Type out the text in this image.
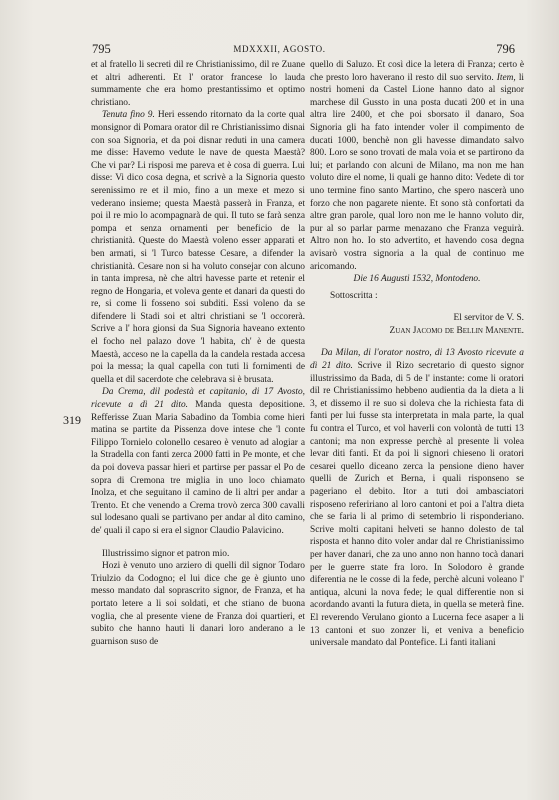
795	MDXXXII, AGOSTO.	796
319

et al fratello li secreti dil re Christianissimo, dil re Zuane et altri adherenti. Et l' orator francese lo lauda summamente che era homo prestantissimo et optimo christiano.

Tenuta fino 9. Heri essendo ritornato da la corte qual monsignor di Pomara orator dil re Christianissimo disnai con soa Signoria, et da poi disnar reduti in una camera me disse: Havemo vedute le nave de questa Maestà? Che vi par? Li risposi me pareva et è cosa di guerra. Lui disse: Vi dico cosa degna, et scrivè a la Signoria questo serenissimo re et il mio, fino a un mexe et mezo si vederano insieme; questa Maestà passerà in Franza, et poi il re mio lo acompagnarà de qui. Il tuto se farà senza pompa et senza ornamenti per beneficio de la christianità. Queste do Maestà voleno esser apparati et ben armati, si 'l Turco batesse Cesare, a difender la christianità. Cesare non si ha voluto consejar con alcuno in tanta impresa, nè che altri havesse parte et retenir el regno de Hongaria, et voleva gente et danari da questi do re, si come li fosseno soi subditi. Essi voleno da se difendere li Stadi soi et altri christiani se 'l occorerà. Scrive a l' hora gionsi da Sua Signoria haveano extento el focho nel palazo dove 'l habita, ch' è de questa Maestà, acceso ne la capella da la candela restada accesa poi la messa; la qual capella con tuti li fornimenti de quella et dil sacerdote che celebrava si è brusata.

Da Crema, dil podestà et capitanio, di 17 Avosto, ricevute a dì 21 dito. Manda questa depositione. Refferisse Zuan Maria Sabadino da Tombia come hieri matina se partite da Pissenza dove intese che 'l conte Filippo Tornielo colonello cesareo è venuto ad alogiar a la Stradella con fanti zerca 2000 fatti in Pe monte, et che da poi doveva passar hieri et partirse per passar el Po de sopra di Cremona tre miglia in uno loco chiamato Inolza, et che seguitano il camino de li altri per andar a Trento. Et che venendo a Crema trovò zerca 300 cavalli sul lodesano quali se partivano per andar al dito camino, de' quali il capo si era el signor Claudio Palavicino.

Illustrissimo signor et patron mio.

Hozi è venuto uno arziero di quelli dil signor Todaro Triulzio da Codogno; el lui dice che ge è giunto uno messo mandato dal soprascrito signor, de Franza, et ha portato letere a li soi soldati, et che stiano de buona voglia, che al presente viene de Franza doi quartieri, et subito che hanno hauti li danari loro anderano a le guarnison suso de

quello di Saluzo. Et così dice la letera di Franza; certo è che presto loro haverano il resto dil suo servito. Item, li nostri homeni da Castel Lione hanno dato al signor marchese dil Gussto in una posta ducati 200 et in una altra lire 2400, et che poi sborsato il danaro, Soa Signoria gli ha fato intender voler il compimento de ducati 1000, benchè non gli havesse dimandato salvo 800. Loro se sono trovati de mala voia et se partirono da lui; et parlando con alcuni de Milano, ma non me han voluto dire el nome, li quali ge hanno dito: Vedete di tor uno termine fino santo Martino, che spero nascerà uno forzo che non pagarete niente. Et sono stà confortati da altre gran parole, qual loro non me le hanno voluto dir, pur al so parlar parme menazano che Franza veguirà. Altro non ho. Io sto advertito, et havendo cosa degna avisarò vostra signoria a la qual de continuo me aricomando.

Die 16 Augusti 1532, Montodeno.

Sottoscritta :

El servitor de V. S.

Zuan Jacomo de Bellin Manente.

Da Milan, di l'orator nostro, di 13 Avosto ricevute a dì 21 dito. Scrive il Rizo secretario di questo signor illustrissimo da Bada, di 5 de l' instante: come li oratori dil re Christianissimo hebbeno audientia da la dieta a li 3, et dissemo il re suo si doleva che la richiesta fata di fanti per lui fusse sta interpretata in mala parte, la qual fu contra el Turco, et vol haverli con volontà de tutti 13 cantoni; ma non expresse perchè al presente li volea levar diti fanti. Et da poi li signori chieseno li oratori cesarei quello diceano zerca la pensione dieno haver quelli de Zurich et Berna, i quali risponseno se pageriano el debito. Itor a tuti doi ambasciatori risposeno refeririano al loro cantoni et poi a l'altra dieta che se faria li al primo di setembrio li risponderiano. Scrive molti capitani helveti se hanno dolesto de tal risposta et hanno dito voler andar dal re Christianissimo per haver danari, che za uno anno non hanno tocà danari per le guerre state fra loro. In Solodoro è grande diferentia ne le cosse di la fede, perchè alcuni voleano l' antiqua, alcuni la nova fede; le qual differentie non si acordando avanti la futura dieta, in quella se meterà fine. El reverendo Verulano gionto a Lucerna fece asaper a li 13 cantoni et suo zonzer li, et veniva a beneficio universale mandato dal Pontefice. Li fanti italiani
